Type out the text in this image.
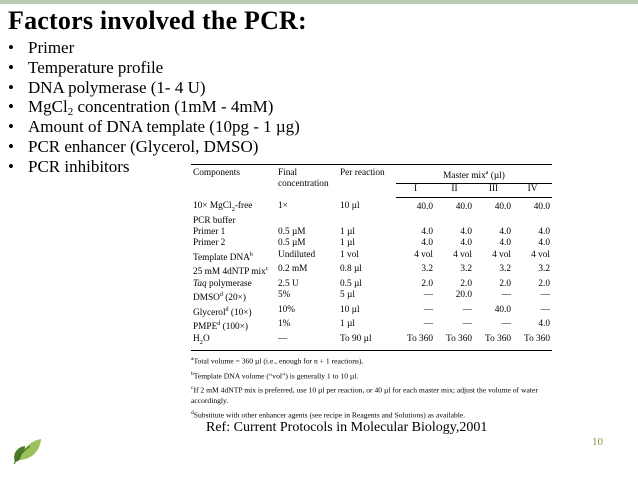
Factors involved the PCR:
• Primer
• Temperature profile
• DNA polymerase (1- 4 U)
• MgCl$_2$ concentration (1mM - 4mM)
• Amount of DNA template (10pg - 1 µg)
• PCR enhancer (Glycerol, DMSO)
• PCR inhibitors	Components	Final
concentration	Per reaction	Master mix$^a$ (µl)			
			I	II	III	IV
10× MgCl$_2$-free
PCR buffer	1×	10 µl	40.0	40.0	40.0	40.0
Primer 1	0.5 µM	1 µl	4.0	4.0	4.0	4.0
Primer 2	0.5 µM	1 µl	4.0	4.0	4.0	4.0
Template DNA$^b$	Undiluted	1 vol	4 vol	4 vol	4 vol	4 vol
25 mM 4dNTP mix$^c$	0.2 mM	0.8 µl	3.2	3.2	3.2	3.2
Taq polymerase	2.5 U	0.5 µl	2.0	2.0	2.0	2.0
DMSO$^d$ (20×)	5%	5 µl	—	20.0	—	—
Glycerol$^d$ (10×)	10%	10 µl	—	—	40.0	—
PMPE$^d$ (100×)	1%	1 µl	—	—	—	4.0
$H_2O$	—	To 90 µl	To 360	To 360	To 360	To 360

$^a$Total volume = 360 µl (i.e., enough for n + 1 reactions).

$^b$Template DNA volume (“vol”) is generally 1 to 10 µl.

$^c$If 2 mM 4dNTP mix is preferred, use 10 µl per reaction, or 40 µl for each master mix; adjust the volume of water accordingly.

$^d$Substitute with other enhancer agents (see recipe in Reagents and Solutions) as available.

Ref: Current Protocols in Molecular Biology,2001
10
